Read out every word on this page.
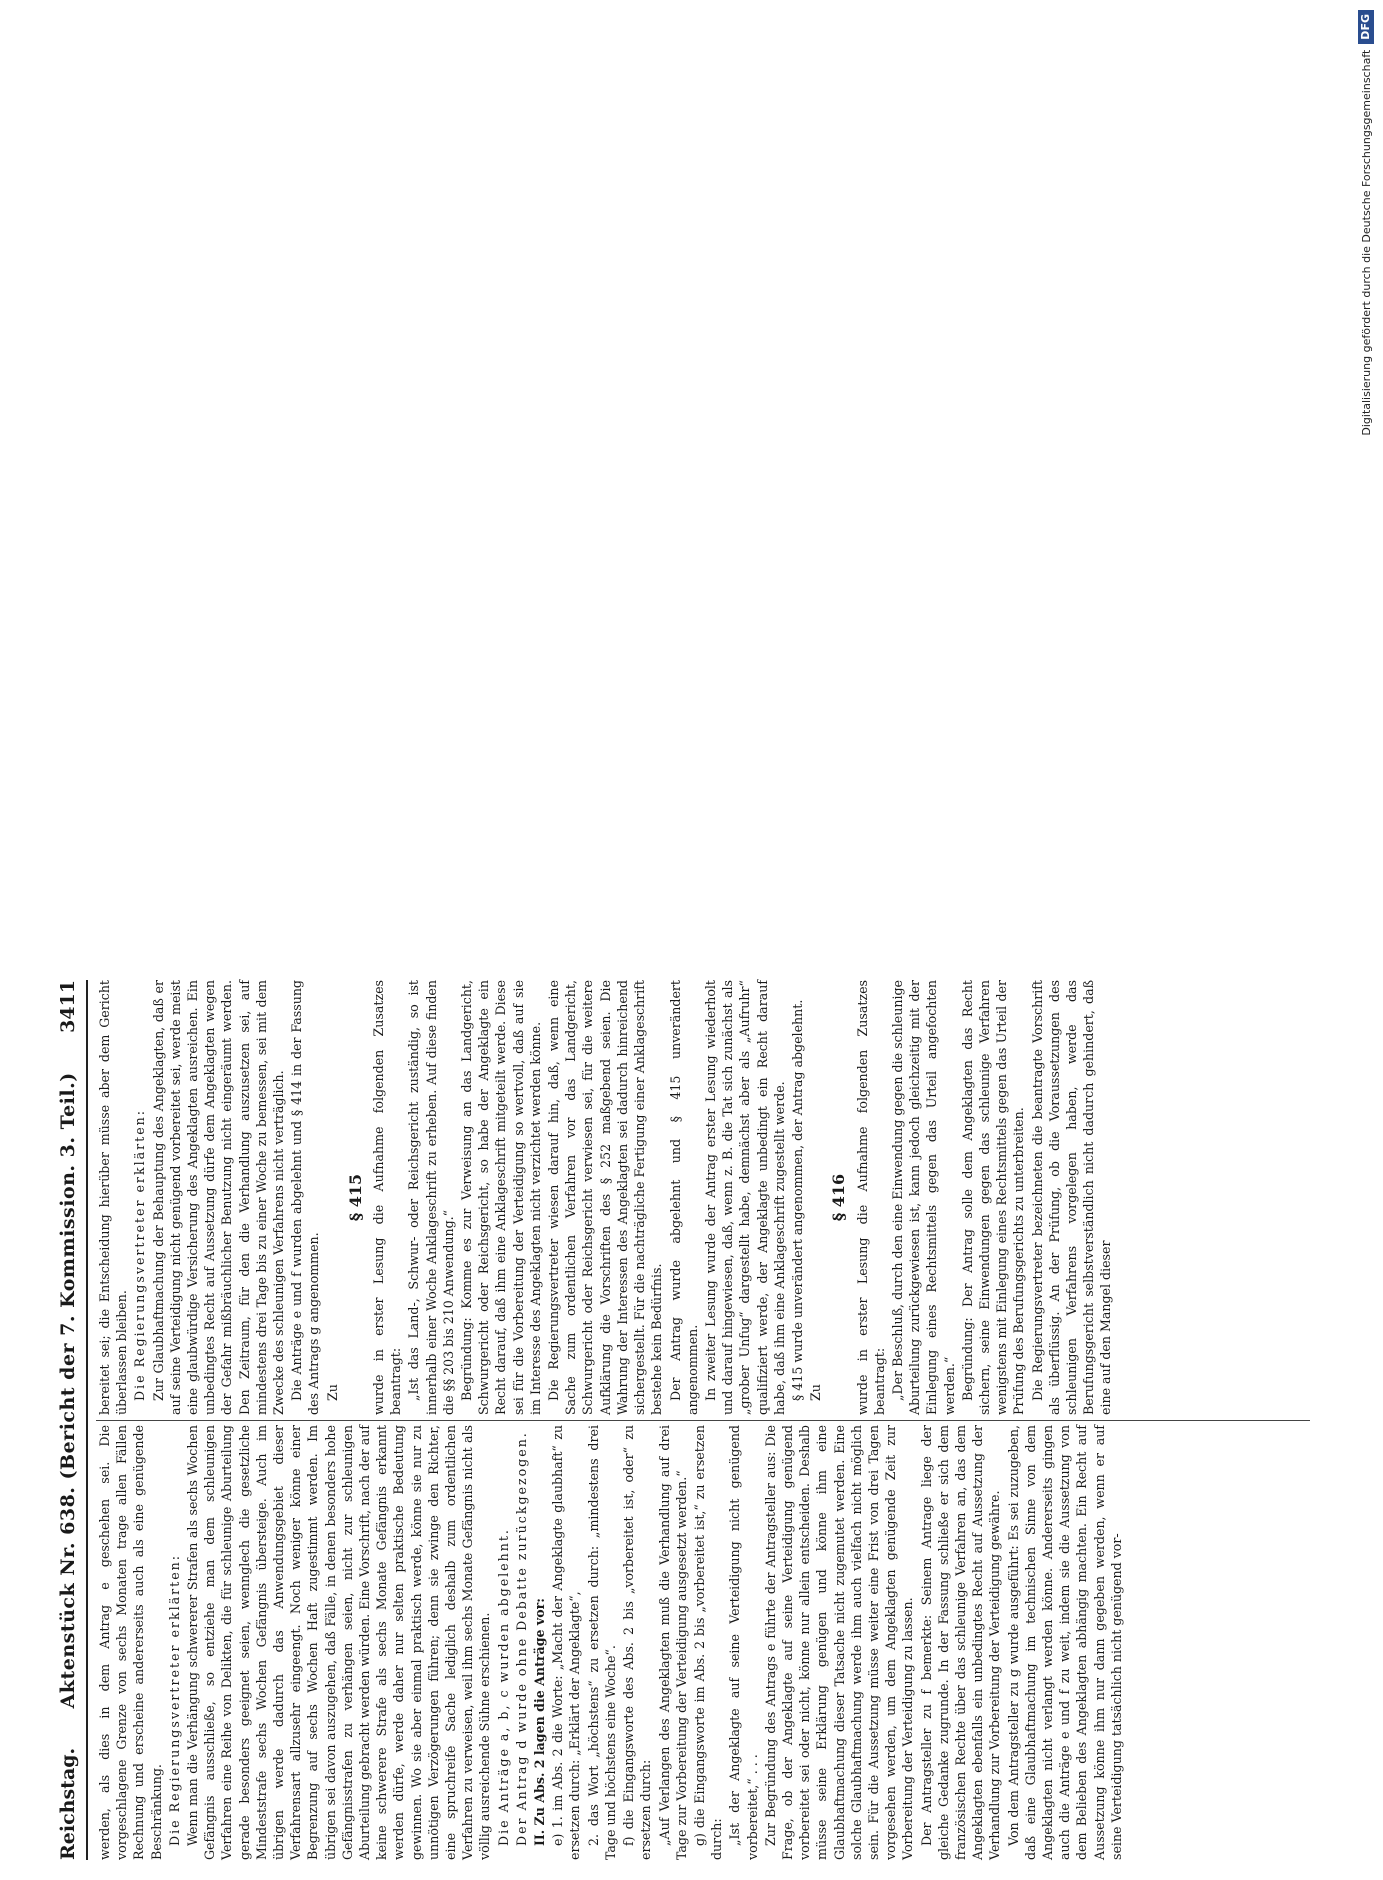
Reichstag.
Aktenstück Nr. 638. (Bericht der 7. Kommission. 3. Teil.)
3411

werden, als dies in dem Antrag e geschehen sei. Die vorgeschlagene Grenze von sechs Monaten trage allen Fällen Rechnung und erscheine andererseits auch als eine genügende Beschränkung. Die Regierungsvertreter erklärten: Wenn man die Verhängung schwererer Strafen als sechs Wochen Gefängnis ausschließe, so entziehe man dem schleunigen Verfahren eine Reihe von Delikten, die für schleunige Aburteilung gerade besonders geeignet seien, wennglech die gesetzliche Mindeststrafe sechs Wochen Gefängnis übersteige. Auch im übrigen werde dadurch das Anwendungsgebiet dieser Verfahrensart allzusehr eingeengt. Noch weniger könne einer Begrenzung auf sechs Wochen Haft zugestimmt werden. Im übrigen sei davon auszugehen, daß Fälle, in denen besonders hohe Gefängnisstrafen zu verhängen seien, nicht zur schleunigen Aburteilung gebracht werden würden. Eine Vorschrift, nach der auf keine schwerere Strafe als sechs Monate Gefängnis erkannt werden dürfe, werde daher nur selten praktische Bedeutung gewinnen. Wo sie aber einmal praktisch werde, könne sie nur zu unnötigen Verzögerungen führen; denn sie zwinge den Richter, eine spruchreife Sache lediglich deshalb zum ordentlichen Verfahren zu verweisen, weil ihm sechs Monate Gefängnis nicht als völlig ausreichende Sühne erschienen. Die Anträge a, b, c wurden abgelehnt. Der Antrag d wurde ohne Debatte zurückgezogen. II. Zu Abs. 2 lagen die Anträge vor: e) 1. im Abs. 2 die Worte: „Macht der Angeklagte glaubhaft“ zu ersetzen durch: „Erklärt der Angeklagte“, 2. das Wort „höchstens“ zu ersetzen durch: „mindestens drei Tage und höchstens eine Woche“. f) die Eingangsworte des Abs. 2 bis „vorbereitet ist, oder“ zu ersetzen durch: „Auf Verlangen des Angeklagten muß die Verhandlung auf drei Tage zur Vorbereitung der Verteidigung ausgesetzt werden.“ g) die Eingangsworte im Abs. 2 bis „vorbereitet ist,“ zu ersetzen durch: „Ist der Angeklagte auf seine Verteidigung nicht genügend vorbereitet,“ . . . Zur Begründung des Antrags e führte der Antragsteller aus: Die Frage, ob der Angeklagte auf seine Verteidigung genügend vorbereitet sei oder nicht, könne nur allein entscheiden. Deshalb müsse seine Erklärung genügen und könne ihm eine Glaubhaftmachung dieser Tatsache nicht zugemutet werden. Eine solche Glaubhaftmachung werde ihm auch vielfach nicht möglich sein. Für die Aussetzung müsse weiter eine Frist von drei Tagen vorgesehen werden, um dem Angeklagten genügende Zeit zur Vorbereitung der Verteidigung zu lassen. Der Antragsteller zu f bemerkte: Seinem Antrage liege der gleiche Gedanke zugrunde. In der Fassung schließe er sich dem französischen Rechte über das schleunige Verfahren an, das dem Angeklagten ebenfalls ein unbedingtes Recht auf Aussetzung der Verhandlung zur Vorbereitung der Verteidigung gewähre. Von dem Antragsteller zu g wurde ausgeführt: Es sei zuzugeben, daß eine Glaubhaftmachung im technischen Sinne von dem Angeklagten nicht verlangt werden könne. Andererseits gingen auch die Anträge e und f zu weit, indem sie die Aussetzung von dem Belieben des Angeklagten abhängig machten. Ein Recht auf Aussetzung könne ihm nur dann gegeben werden, wenn er auf seine Verteidigung tatsächlich nicht genügend vor-

bereitet sei; die Entscheidung hierüber müsse aber dem Gericht überlassen bleiben. Die Regierungsvertreter erklärten: Zur Glaubhaftmachung der Behauptung des Angeklagten, daß er auf seine Verteidigung nicht genügend vorbereitet sei, werde meist eine glaubwürdige Versicherung des Angeklagten ausreichen. Ein unbedingtes Recht auf Aussetzung dürfe dem Angeklagten wegen der Gefahr mißbräuchlicher Benutzung nicht eingeräumt werden. Den Zeitraum, für den die Verhandlung auszusetzen sei, auf mindestens drei Tage bis zu einer Woche zu bemessen, sei mit dem Zwecke des schleunigen Verfahrens nicht verträglich. Die Anträge e und f wurden abgelehnt und § 414 in der Fassung des Antrags g angenommen. Zu

§ 415 wurde in erster Lesung die Aufnahme folgenden Zusatzes beantragt: „Ist das Land-, Schwur- oder Reichsgericht zuständig, so ist innerhalb einer Woche Anklageschrift zu erheben. Auf diese finden die §§ 203 bis 210 Anwendung.“ Begründung: Komme es zur Verweisung an das Landgericht, Schwurgericht oder Reichsgericht, so habe der Angeklagte ein Recht darauf, daß ihm eine Anklageschrift mitgeteilt werde. Diese sei für die Vorbereitung der Verteidigung so wertvoll, daß auf sie im Interesse des Angeklagten nicht verzichtet werden könne. Die Regierungsvertreter wiesen darauf hin, daß, wenn eine Sache zum ordentlichen Verfahren vor das Landgericht, Schwurgericht oder Reichsgericht verwiesen sei, für die weitere Aufklärung die Vorschriften des § 252 maßgebend seien. Die Wahrung der Interessen des Angeklagten sei dadurch hinreichend sichergestellt. Für die nachträgliche Fertigung einer Anklageschrift bestehe kein Bedürfnis. Der Antrag wurde abgelehnt und § 415 unverändert angenommen. In zweiter Lesung wurde der Antrag erster Lesung wiederholt und darauf hingewiesen, daß, wenn z. B. die Tat sich zunächst als „grober Unfug“ dargestellt habe, demnächst aber als „Aufruhr“ qualifiziert werde, der Angeklagte unbedingt ein Recht darauf habe, daß ihm eine Anklageschrift zugestellt werde. § 415 wurde unverändert angenommen, der Antrag abgelehnt. Zu

§ 416 wurde in erster Lesung die Aufnahme folgenden Zusatzes beantragt: „Der Beschluß, durch den eine Einwendung gegen die schleunige Aburteilung zurückgewiesen ist, kann jedoch gleichzeitig mit der Einlegung eines Rechtsmittels gegen das Urteil angefochten werden.“ Begründung: Der Antrag solle dem Angeklagten das Recht sichern, seine Einwendungen gegen das schleunige Verfahren wenigstens mit Einlegung eines Rechtsmittels gegen das Urteil der Prüfung des Berufungsgerichts zu unterbreiten. Die Regierungsvertreter bezeichneten die beantragte Vorschrift als überflüssig. An der Prüfung, ob die Voraussetzungen des schleunigen Verfahrens vorgelegen haben, werde das Berufungsgericht selbstverständlich nicht dadurch gehindert, daß eine auf den Mangel dieser

Digitalisierung gefördert durch die Deutsche Forschungsgemeinschaft
DFG
